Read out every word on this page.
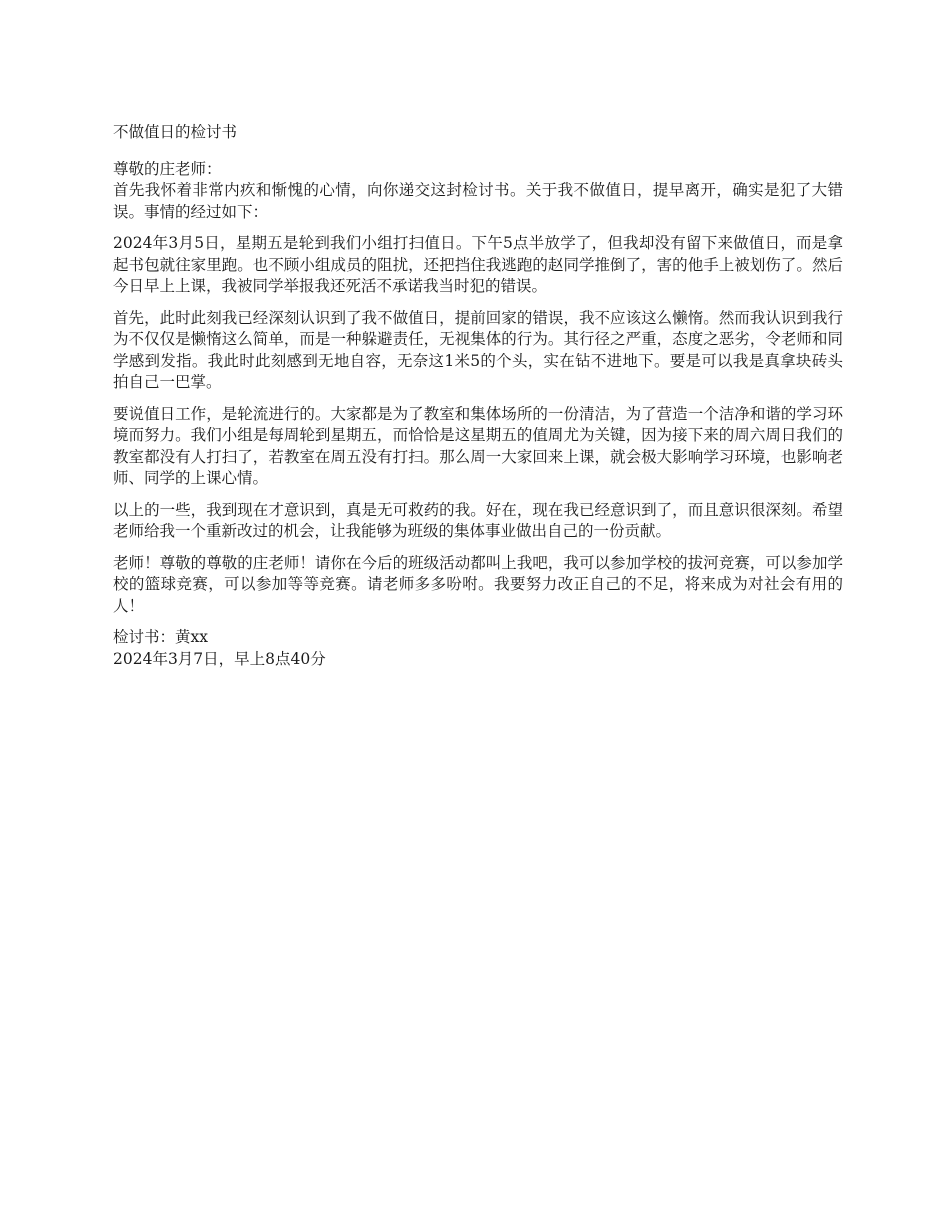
不做值日的检讨书

尊敬的庄老师：

首先我怀着非常内疚和惭愧的心情，向你递交这封检讨书。关于我不做值日，提早离开，确实是犯了大错误。事情的经过如下：

2024年3月5日，星期五是轮到我们小组打扫值日。下午5点半放学了，但我却没有留下来做值日，而是拿起书包就往家里跑。也不顾小组成员的阻扰，还把挡住我逃跑的赵同学推倒了，害的他手上被划伤了。然后今日早上上课，我被同学举报我还死活不承诺我当时犯的错误。

首先，此时此刻我已经深刻认识到了我不做值日，提前回家的错误，我不应该这么懒惰。然而我认识到我行为不仅仅是懒惰这么简单，而是一种躲避责任，无视集体的行为。其行径之严重，态度之恶劣，令老师和同学感到发指。我此时此刻感到无地自容，无奈这1米5的个头，实在钻不进地下。要是可以我是真拿块砖头拍自己一巴掌。

要说值日工作，是轮流进行的。大家都是为了教室和集体场所的一份清洁，为了营造一个洁净和谐的学习环境而努力。我们小组是每周轮到星期五，而恰恰是这星期五的值周尤为关键，因为接下来的周六周日我们的教室都没有人打扫了，若教室在周五没有打扫。那么周一大家回来上课，就会极大影响学习环境，也影响老师、同学的上课心情。

以上的一些，我到现在才意识到，真是无可救药的我。好在，现在我已经意识到了，而且意识很深刻。希望老师给我一个重新改过的机会，让我能够为班级的集体事业做出自己的一份贡献。

老师！尊敬的尊敬的庄老师！请你在今后的班级活动都叫上我吧，我可以参加学校的拔河竞赛，可以参加学校的篮球竞赛，可以参加等等竞赛。请老师多多吩咐。我要努力改正自己的不足，将来成为对社会有用的人！

检讨书：黄xx

2024年3月7日，早上8点40分
